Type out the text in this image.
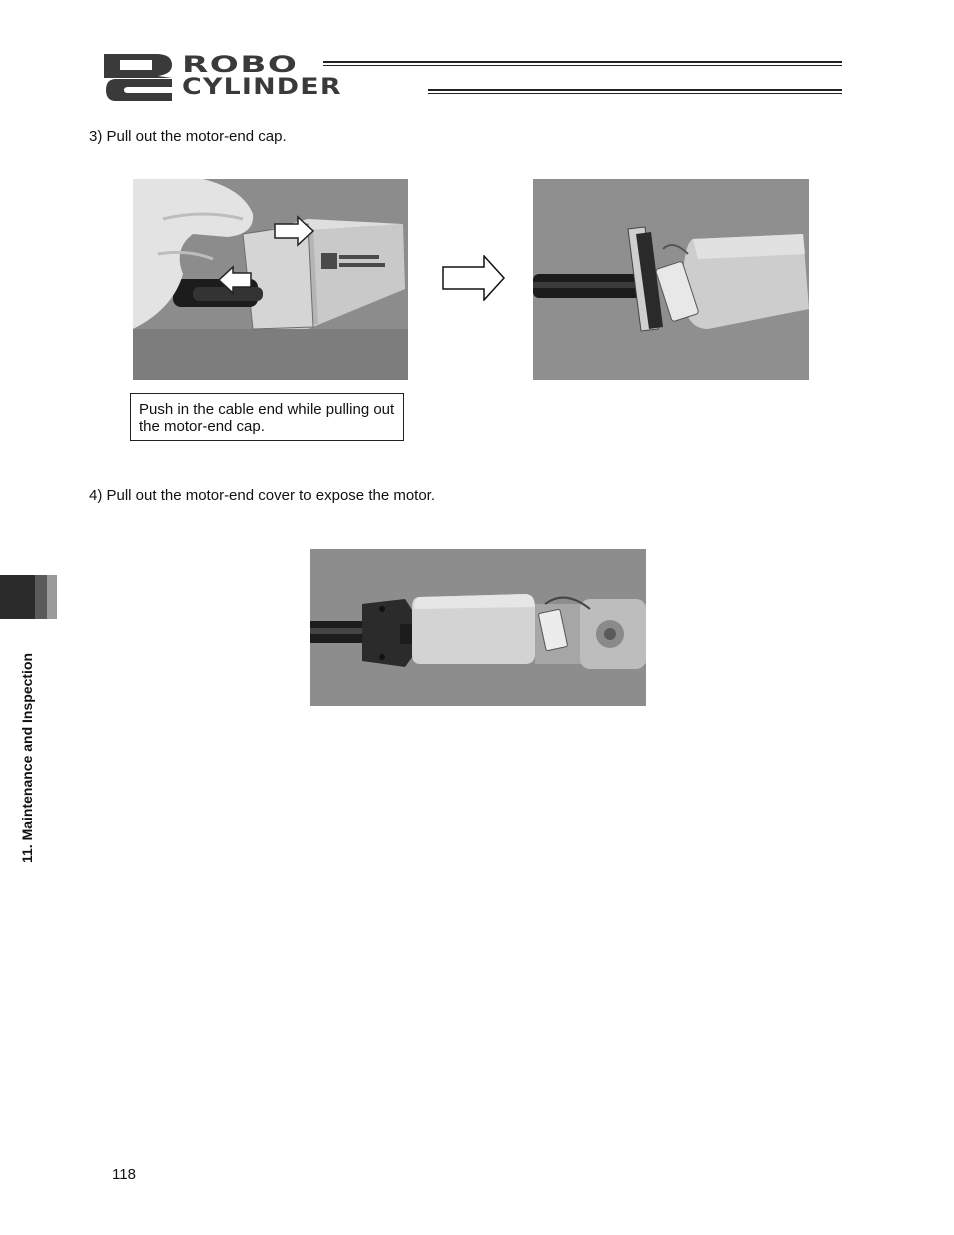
ROBO
CYLINDER
3) Pull out the motor-end cap.
Push in the cable end while pulling out the motor-end cap.
4) Pull out the motor-end cover to expose the motor.
11. Maintenance and Inspection
118
